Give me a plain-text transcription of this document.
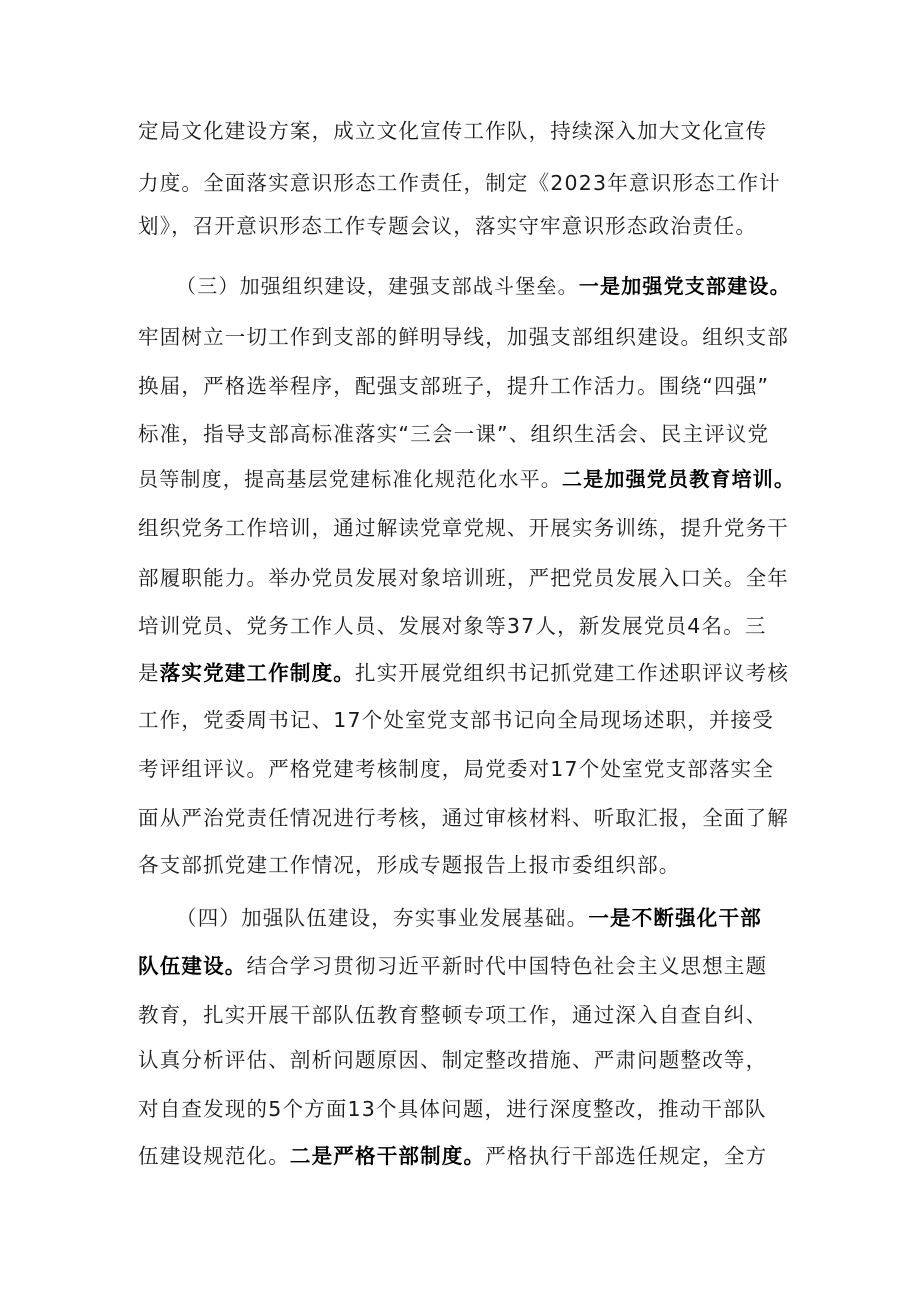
定局文化建设方案，成立文化宣传工作队，持续深入加大文化宣传
力度。全面落实意识形态工作责任，制定《2023年意识形态工作计
划》，召开意识形态工作专题会议，落实守牢意识形态政治责任。
（三）加强组织建设，建强支部战斗堡垒。一是加强党支部建设。
牢固树立一切工作到支部的鲜明导线，加强支部组织建设。组织支部
换届，严格选举程序，配强支部班子，提升工作活力。围绕“四强”
标准，指导支部高标准落实“三会一课”、组织生活会、民主评议党
员等制度，提高基层党建标准化规范化水平。二是加强党员教育培训。
组织党务工作培训，通过解读党章党规、开展实务训练，提升党务干
部履职能力。举办党员发展对象培训班，严把党员发展入口关。全年
培训党员、党务工作人员、发展对象等37人，新发展党员4名。三
是落实党建工作制度。扎实开展党组织书记抓党建工作述职评议考核
工作，党委周书记、17个处室党支部书记向全局现场述职，并接受
考评组评议。严格党建考核制度，局党委对17个处室党支部落实全
面从严治党责任情况进行考核，通过审核材料、听取汇报，全面了解
各支部抓党建工作情况，形成专题报告上报市委组织部。
（四）加强队伍建设，夯实事业发展基础。一是不断强化干部
队伍建设。结合学习贯彻习近平新时代中国特色社会主义思想主题
教育，扎实开展干部队伍教育整顿专项工作，通过深入自查自纠、
认真分析评估、剖析问题原因、制定整改措施、严肃问题整改等，
对自查发现的5个方面13个具体问题，进行深度整改，推动干部队
伍建设规范化。二是严格干部制度。严格执行干部选任规定，全方
